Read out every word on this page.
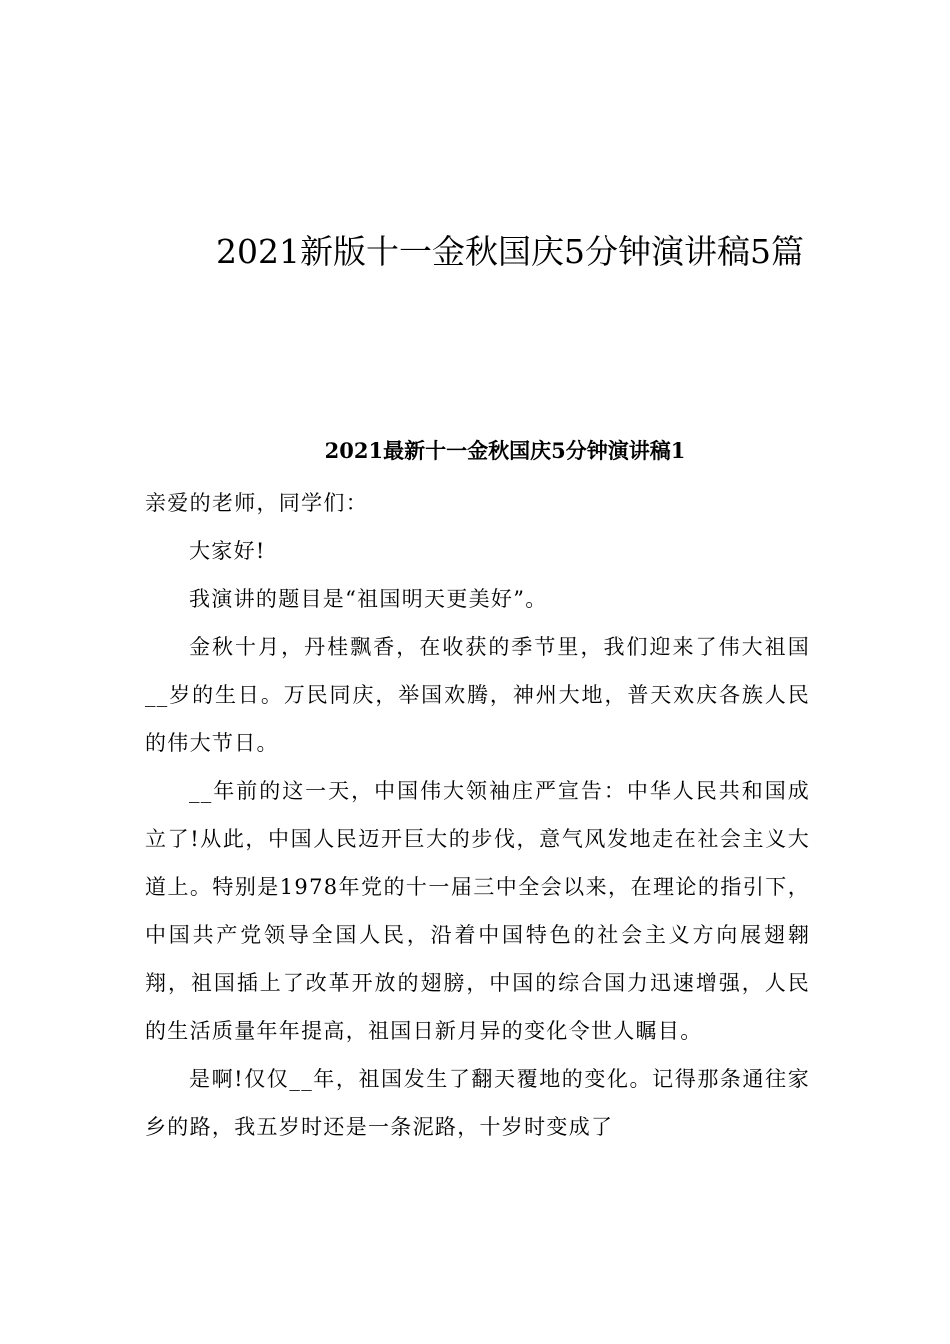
2021新版十一金秋国庆5分钟演讲稿5篇
2021最新十一金秋国庆5分钟演讲稿1

亲爱的老师，同学们：

大家好!

我演讲的题目是“祖国明天更美好”。

金秋十月，丹桂飘香，在收获的季节里，我们迎来了伟大祖国__岁的生日。万民同庆，举国欢腾，神州大地，普天欢庆各族人民的伟大节日。

__年前的这一天，中国伟大领袖庄严宣告：中华人民共和国成立了!从此，中国人民迈开巨大的步伐，意气风发地走在社会主义大道上。特别是1978年党的十一届三中全会以来，在理论的指引下，中国共产党领导全国人民，沿着中国特色的社会主义方向展翅翱翔，祖国插上了改革开放的翅膀，中国的综合国力迅速增强，人民的生活质量年年提高，祖国日新月异的变化令世人瞩目。

是啊!仅仅__年，祖国发生了翻天覆地的变化。记得那条通往家乡的路，我五岁时还是一条泥路，十岁时变成了
